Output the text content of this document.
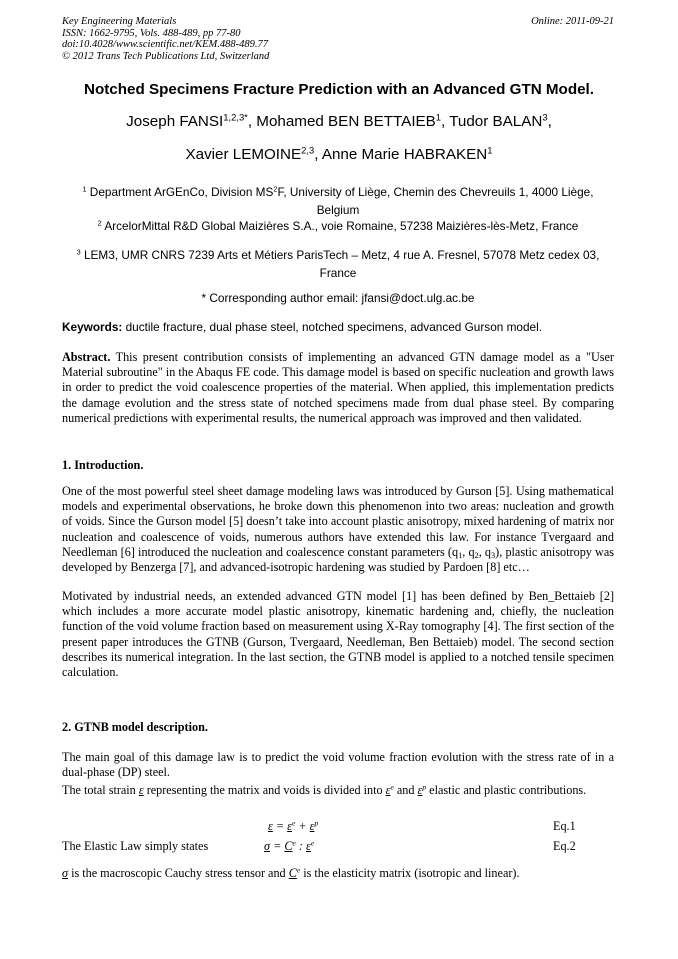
Key Engineering Materials
ISSN: 1662-9795, Vols. 488-489, pp 77-80
doi:10.4028/www.scientific.net/KEM.488-489.77
© 2012 Trans Tech Publications Ltd, Switzerland
Online: 2011-09-21
Notched Specimens Fracture Prediction with an Advanced GTN Model.
Joseph $FANSI^{1,2,3*}$, Mohamed BEN BETTAIEB$^1$, Tudor BALAN$^3$,
Xavier LEMOINE$^{2,3}$, Anne Marie HABRAKEN$^1$
$^1$ Department ArGEnCo, Division $MS^2F$, University of Liège, Chemin des Chevreuils 1, 4000 Liège, Belgium
$^2$ ArcelorMittal R&D Global Maizières S.A., voie Romaine, 57238 Maizières-lès-Metz, France
$^3$ LEM3, UMR CNRS 7239 Arts et Métiers ParisTech – Metz, 4 rue A. Fresnel, 57078 Metz cedex 03, France
* Corresponding author email: jfansi@doct.ulg.ac.be
Keywords: ductile fracture, dual phase steel, notched specimens, advanced Gurson model.
Abstract. This present contribution consists of implementing an advanced GTN damage model as a "User Material subroutine" in the Abaqus FE code. This damage model is based on specific nucleation and growth laws in order to predict the void coalescence properties of the material. When applied, this implementation predicts the damage evolution and the stress state of notched specimens made from dual phase steel. By comparing numerical predictions with experimental results, the numerical approach was improved and then validated.
1. Introduction.
One of the most powerful steel sheet damage modeling laws was introduced by Gurson [5]. Using mathematical models and experimental observations, he broke down this phenomenon into two areas: nucleation and growth of voids. Since the Gurson model [5] doesn’t take into account plastic anisotropy, mixed hardening of matrix nor nucleation and coalescence of voids, numerous authors have extended this law. For instance Tvergaard and Needleman [6] introduced the nucleation and coalescence constant parameters ($q_1$, $q_2$, $q_3$), plastic anisotropy was developed by Benzerga [7], and advanced-isotropic hardening was studied by Pardoen [8] etc…
Motivated by industrial needs, an extended advanced GTN model [1] has been defined by Ben_Bettaieb [2] which includes a more accurate model plastic anisotropy, kinematic hardening and, chiefly, the nucleation function of the void volume fraction based on measurement using X-Ray tomography [4]. The first section of the present paper introduces the GTNB (Gurson, Tvergaard, Needleman, Ben Bettaieb) model. The second section describes its numerical integration. In the last section, the GTNB model is applied to a notched tensile specimen calculation.
2. GTNB model description.
The main goal of this damage law is to predict the void volume fraction evolution with the stress rate of in a dual-phase (DP) steel.
The total strain ε representing the matrix and voids is divided into $\varepsilon^e$ and $\varepsilon^p$ elastic and plastic contributions.
$\varepsilon = \varepsilon^e + \varepsilon^p$	Eq.1
The Elastic Law simply states	$\sigma = C^e$ : $\varepsilon^e$	Eq.2
σ is the macroscopic Cauchy stress tensor and Ce is the elasticity matrix (isotropic and linear).
